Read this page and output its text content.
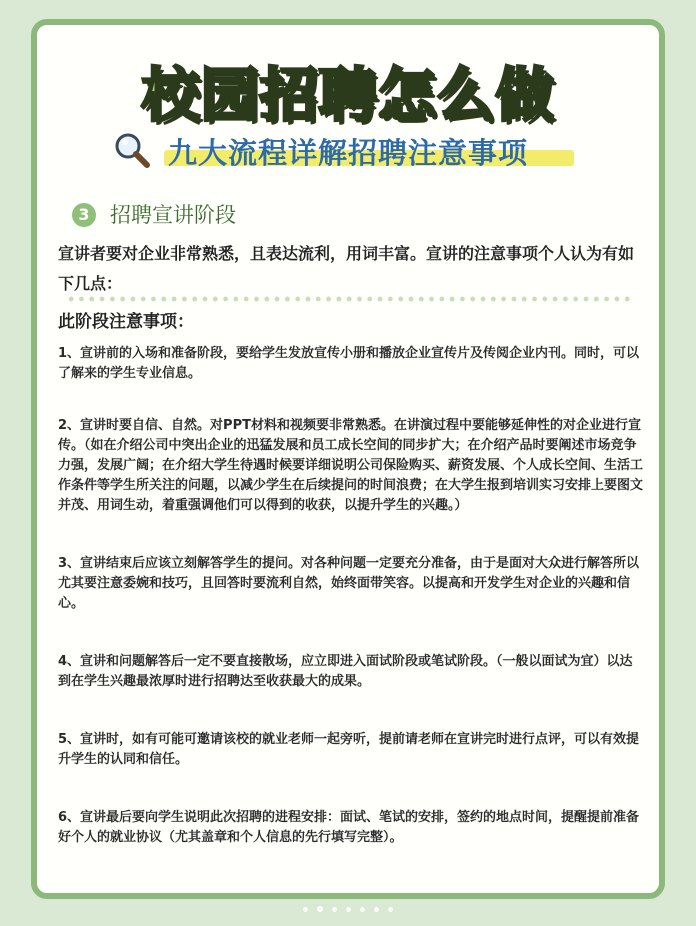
校园招聘怎么做
九大流程详解招聘注意事项
3 招聘宣讲阶段
宣讲者要对企业非常熟悉，且表达流利，用词丰富。宣讲的注意事项个人认为有如下几点：
此阶段注意事项：

1、宣讲前的入场和准备阶段，要给学生发放宣传小册和播放企业宣传片及传阅企业内刊。同时，可以了解来的学生专业信息。

2、宣讲时要自信、自然。对PPT材料和视频要非常熟悉。在讲演过程中要能够延伸性的对企业进行宣传。（如在介绍公司中突出企业的迅猛发展和员工成长空间的同步扩大；在介绍产品时要阐述市场竞争力强，发展广阔；在介绍大学生待遇时候要详细说明公司保险购买、薪资发展、个人成长空间、生活工作条件等学生所关注的问题，以减少学生在后续提问的时间浪费；在大学生报到培训实习安排上要图文并茂、用词生动，着重强调他们可以得到的收获，以提升学生的兴趣。）

3、宣讲结束后应该立刻解答学生的提问。对各种问题一定要充分准备，由于是面对大众进行解答所以尤其要注意委婉和技巧，且回答时要流利自然，始终面带笑容。以提高和开发学生对企业的兴趣和信心。

4、宣讲和问题解答后一定不要直接散场，应立即进入面试阶段或笔试阶段。（一般以面试为宜）以达到在学生兴趣最浓厚时进行招聘达至收获最大的成果。

5、宣讲时，如有可能可邀请该校的就业老师一起旁听，提前请老师在宣讲完时进行点评，可以有效提升学生的认同和信任。

6、宣讲最后要向学生说明此次招聘的进程安排：面试、笔试的安排，签约的地点时间，提醒提前准备好个人的就业协议（尤其盖章和个人信息的先行填写完整）。
